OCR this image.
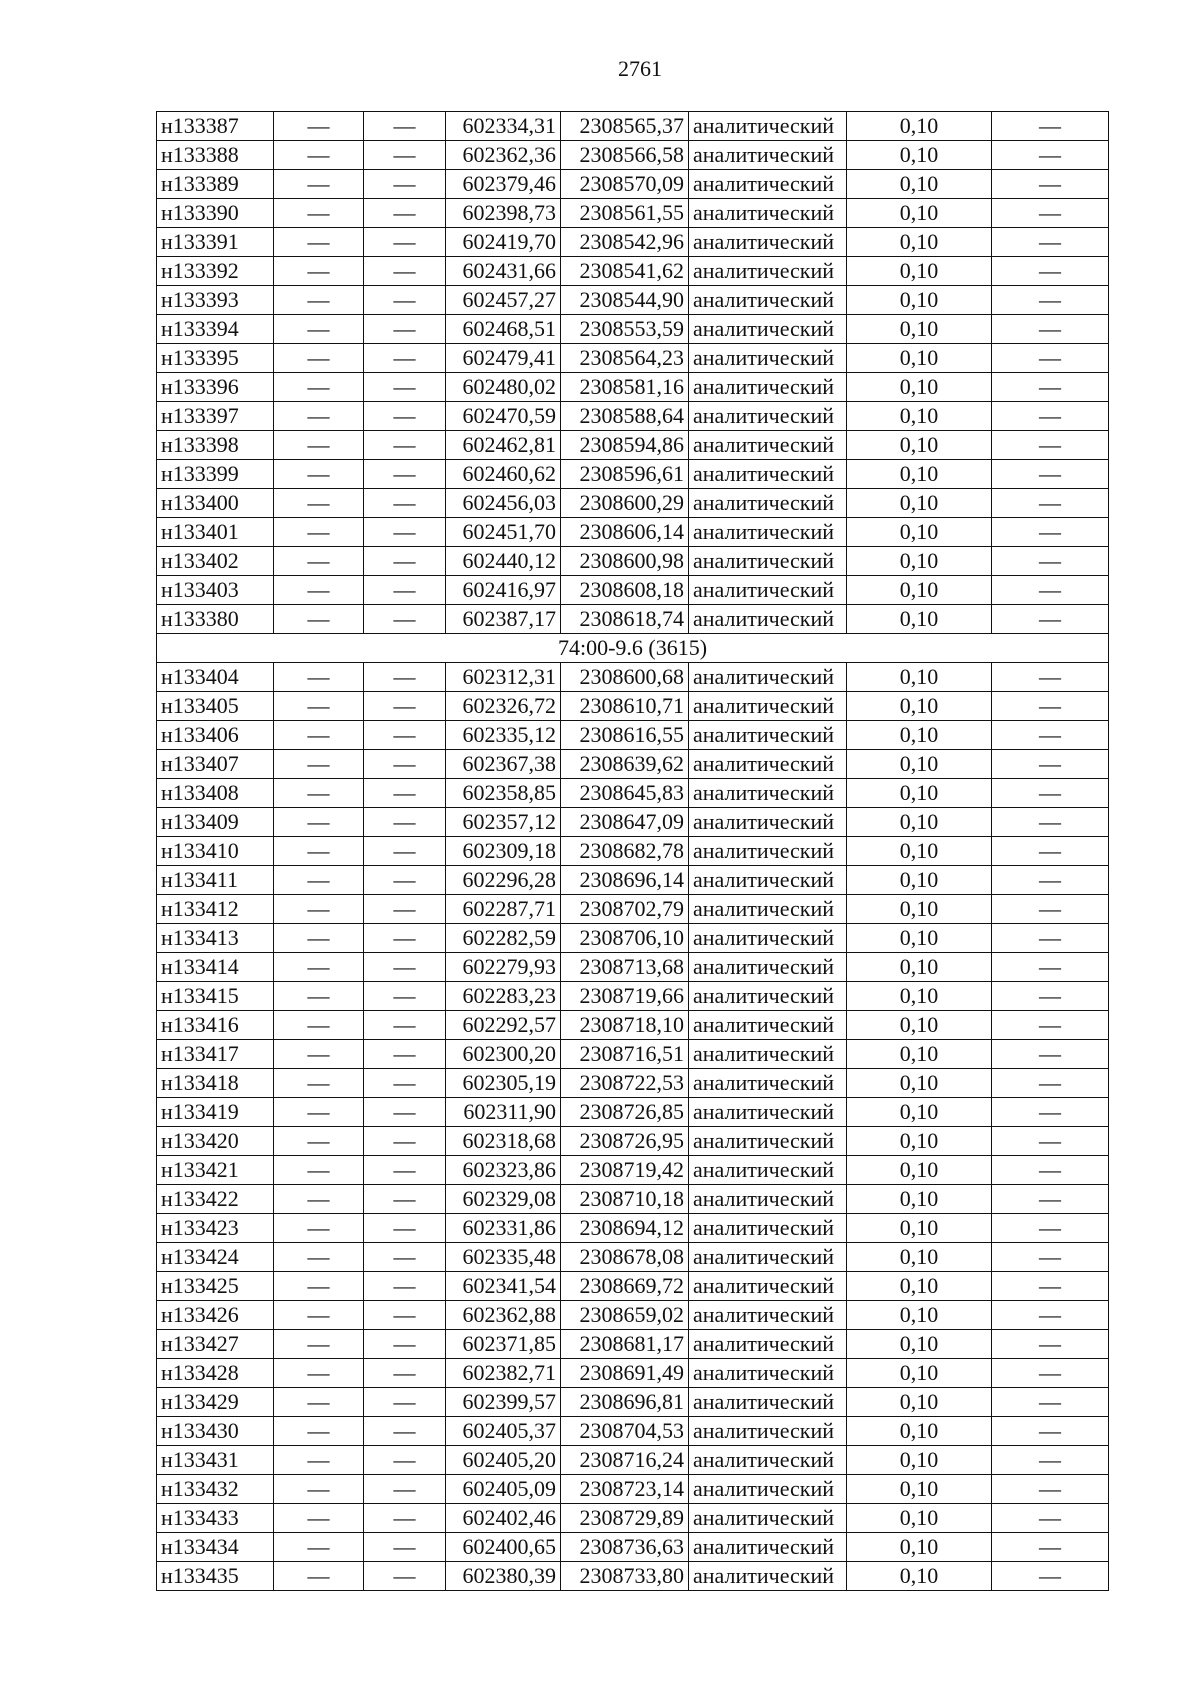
2761
н133387	—	—	602334,31	2308565,37	аналитический	0,10	—
н133388	—	—	602362,36	2308566,58	аналитический	0,10	—
н133389	—	—	602379,46	2308570,09	аналитический	0,10	—
н133390	—	—	602398,73	2308561,55	аналитический	0,10	—
н133391	—	—	602419,70	2308542,96	аналитический	0,10	—
н133392	—	—	602431,66	2308541,62	аналитический	0,10	—
н133393	—	—	602457,27	2308544,90	аналитический	0,10	—
н133394	—	—	602468,51	2308553,59	аналитический	0,10	—
н133395	—	—	602479,41	2308564,23	аналитический	0,10	—
н133396	—	—	602480,02	2308581,16	аналитический	0,10	—
н133397	—	—	602470,59	2308588,64	аналитический	0,10	—
н133398	—	—	602462,81	2308594,86	аналитический	0,10	—
н133399	—	—	602460,62	2308596,61	аналитический	0,10	—
н133400	—	—	602456,03	2308600,29	аналитический	0,10	—
н133401	—	—	602451,70	2308606,14	аналитический	0,10	—
н133402	—	—	602440,12	2308600,98	аналитический	0,10	—
н133403	—	—	602416,97	2308608,18	аналитический	0,10	—
н133380	—	—	602387,17	2308618,74	аналитический	0,10	—
74:00-9.6 (3615)							
н133404	—	—	602312,31	2308600,68	аналитический	0,10	—
н133405	—	—	602326,72	2308610,71	аналитический	0,10	—
н133406	—	—	602335,12	2308616,55	аналитический	0,10	—
н133407	—	—	602367,38	2308639,62	аналитический	0,10	—
н133408	—	—	602358,85	2308645,83	аналитический	0,10	—
н133409	—	—	602357,12	2308647,09	аналитический	0,10	—
н133410	—	—	602309,18	2308682,78	аналитический	0,10	—
н133411	—	—	602296,28	2308696,14	аналитический	0,10	—
н133412	—	—	602287,71	2308702,79	аналитический	0,10	—
н133413	—	—	602282,59	2308706,10	аналитический	0,10	—
н133414	—	—	602279,93	2308713,68	аналитический	0,10	—
н133415	—	—	602283,23	2308719,66	аналитический	0,10	—
н133416	—	—	602292,57	2308718,10	аналитический	0,10	—
н133417	—	—	602300,20	2308716,51	аналитический	0,10	—
н133418	—	—	602305,19	2308722,53	аналитический	0,10	—
н133419	—	—	602311,90	2308726,85	аналитический	0,10	—
н133420	—	—	602318,68	2308726,95	аналитический	0,10	—
н133421	—	—	602323,86	2308719,42	аналитический	0,10	—
н133422	—	—	602329,08	2308710,18	аналитический	0,10	—
н133423	—	—	602331,86	2308694,12	аналитический	0,10	—
н133424	—	—	602335,48	2308678,08	аналитический	0,10	—
н133425	—	—	602341,54	2308669,72	аналитический	0,10	—
н133426	—	—	602362,88	2308659,02	аналитический	0,10	—
н133427	—	—	602371,85	2308681,17	аналитический	0,10	—
н133428	—	—	602382,71	2308691,49	аналитический	0,10	—
н133429	—	—	602399,57	2308696,81	аналитический	0,10	—
н133430	—	—	602405,37	2308704,53	аналитический	0,10	—
н133431	—	—	602405,20	2308716,24	аналитический	0,10	—
н133432	—	—	602405,09	2308723,14	аналитический	0,10	—
н133433	—	—	602402,46	2308729,89	аналитический	0,10	—
н133434	—	—	602400,65	2308736,63	аналитический	0,10	—
н133435	—	—	602380,39	2308733,80	аналитический	0,10	—
